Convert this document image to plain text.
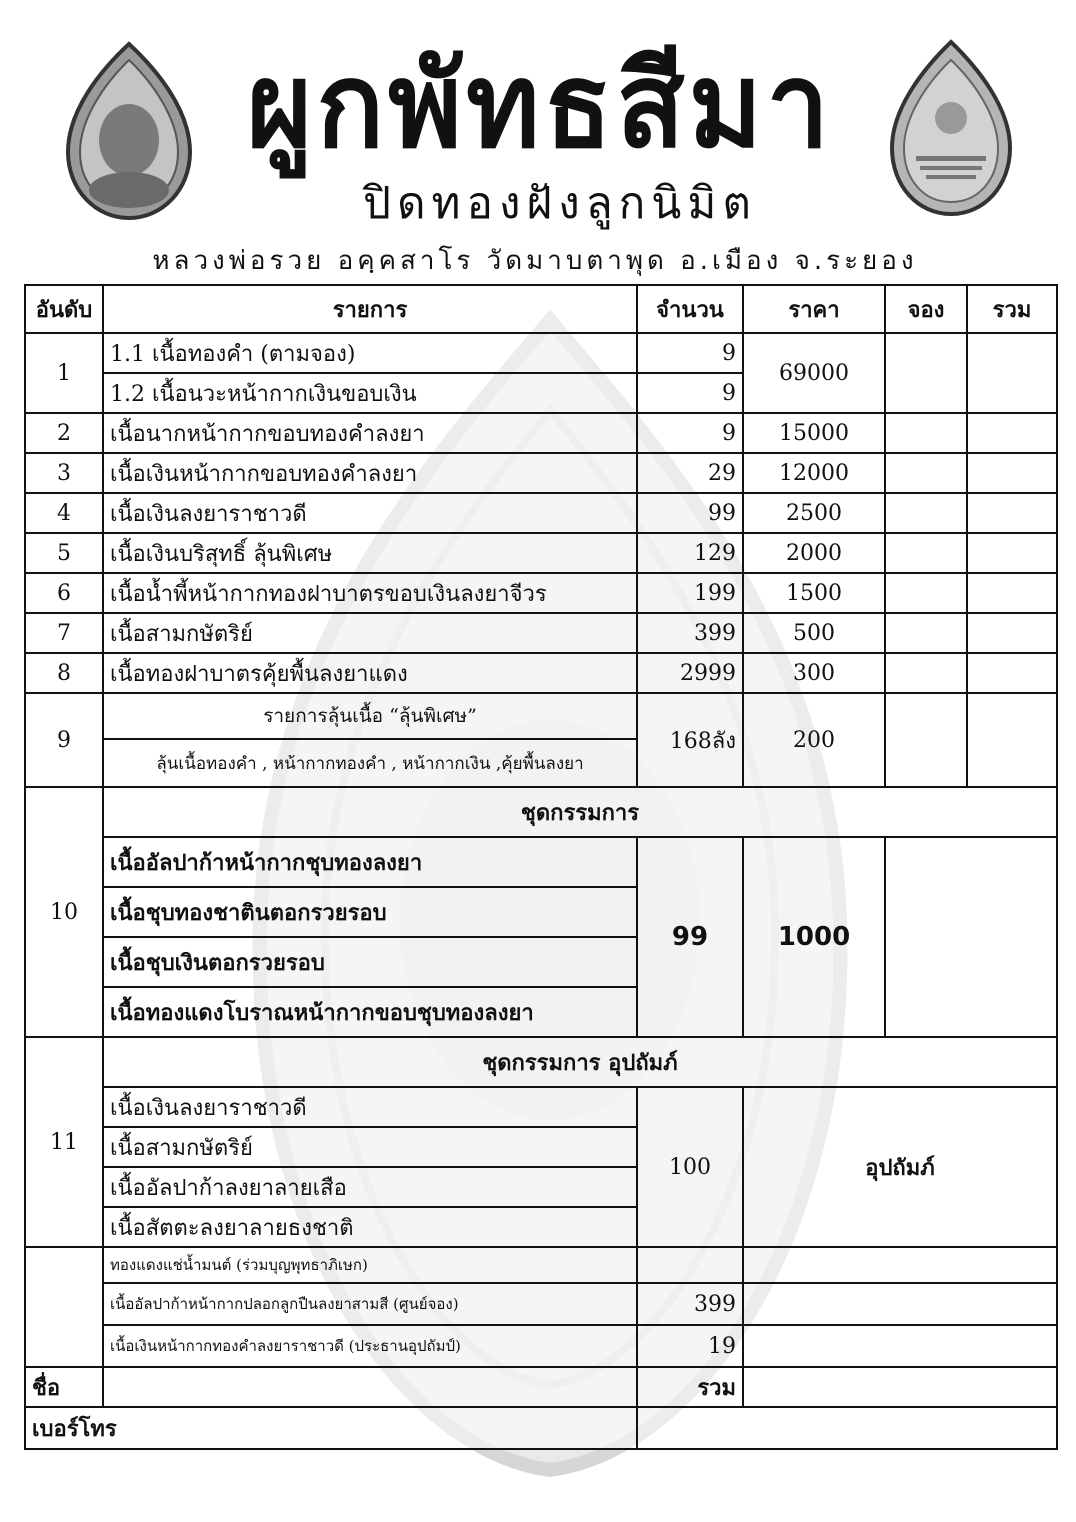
ผูกพัทธสีมา
ปิดทองฝังลูกนิมิต
หลวงพ่อรวย อคฺคสาโร วัดมาบตาพุด อ.เมือง จ.ระยอง
อันดับ	รายการ	จำนวน	ราคา	จอง	รวม
1	1.1 เนื้อทองคำ (ตามจอง)	9	69000		
	1.2 เนื้อนวะหน้ากากเงินขอบเงิน	9			
2	เนื้อนากหน้ากากขอบทองคำลงยา	9	15000		
3	เนื้อเงินหน้ากากขอบทองคำลงยา	29	12000		
4	เนื้อเงินลงยาราชาวดี	99	2500		
5	เนื้อเงินบริสุทธิ์ ลุ้นพิเศษ	129	2000		
6	เนื้อน้ำพี้หน้ากากทองฝาบาตรขอบเงินลงยาจีวร	199	1500		
7	เนื้อสามกษัตริย์	399	500		
8	เนื้อทองฝาบาตรคุ้ยพื้นลงยาแดง	2999	300		
9	รายการลุ้นเนื้อ “ลุ้นพิเศษ”	168ลัง	200		
	ลุ้นเนื้อทองคำ , หน้ากากทองคำ , หน้ากากเงิน ,คุ้ยพื้นลงยา				
10	ชุดกรรมการ				
	เนื้ออัลปาก้าหน้ากากชุบทองลงยา	99	1000		
	เนื้อชุบทองชาตินตอกรวยรอบ				
	เนื้อชุบเงินตอกรวยรอบ				
	เนื้อทองแดงโบราณหน้ากากขอบชุบทองลงยา				
11	ชุดกรรมการ อุปถัมภ์				
	เนื้อเงินลงยาราชาวดี	100	อุปถัมภ์		
	เนื้อสามกษัตริย์				
	เนื้ออัลปาก้าลงยาลายเสือ				
	เนื้อสัตตะลงยาลายธงชาติ				
	ทองแดงแช่น้ำมนต์ (ร่วมบุญพุทธาภิเษก)				
	เนื้ออัลปาก้าหน้ากากปลอกลูกปืนลงยาสามสี (ศูนย์จอง)	399			
	เนื้อเงินหน้ากากทองคำลงยาราชาวดี (ประธานอุปถัมป์)	19			
ชื่อ		รวม			
เบอร์โทร					
